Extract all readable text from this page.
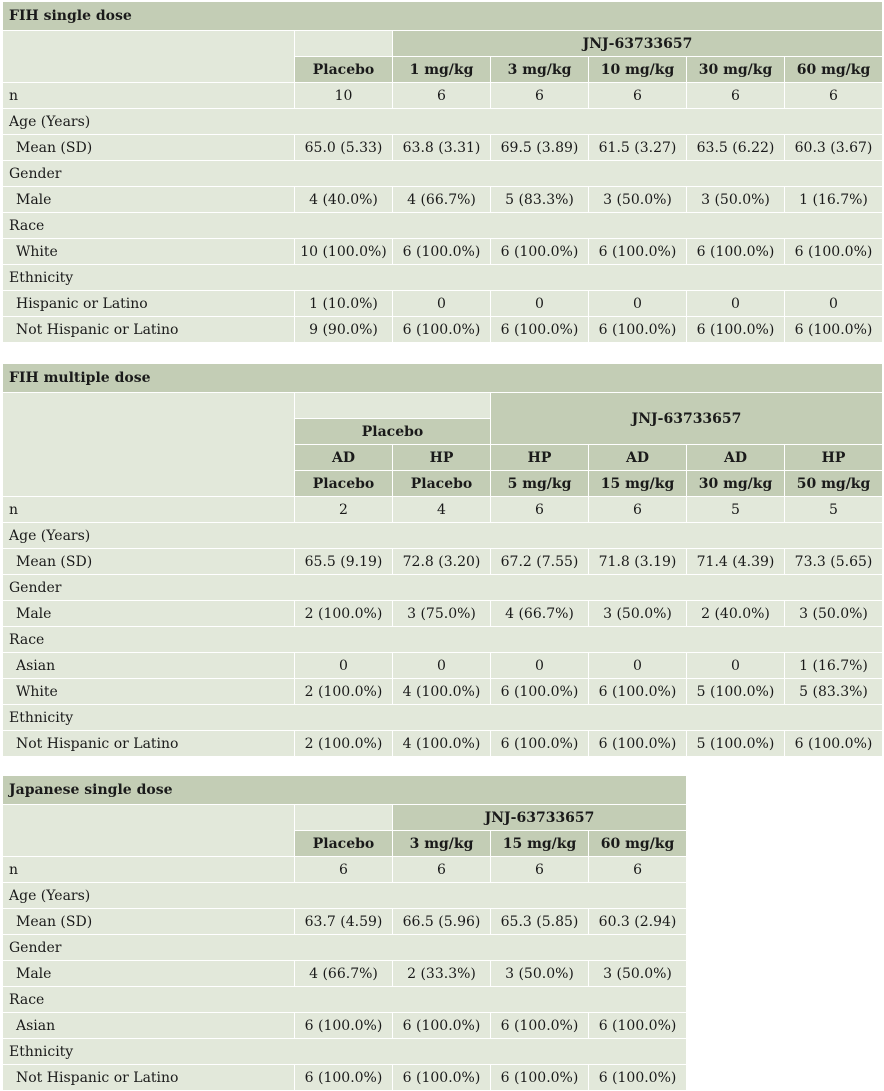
FIH single dose						
		JNJ-63733657				
	Placebo	1 mg/kg	3 mg/kg	10 mg/kg	30 mg/kg	60 mg/kg
n	10	6	6	6	6	6
Age (Years)						
Mean (SD)	65.0 (5.33)	63.8 (3.31)	69.5 (3.89)	61.5 (3.27)	63.5 (6.22)	60.3 (3.67)
Gender						
Male	4 (40.0%)	4 (66.7%)	5 (83.3%)	3 (50.0%)	3 (50.0%)	1 (16.7%)
Race						
White	10 (100.0%)	6 (100.0%)	6 (100.0%)	6 (100.0%)	6 (100.0%)	6 (100.0%)
Ethnicity						
Hispanic or Latino	1 (10.0%)	0	0	0	0	0
Not Hispanic or Latino	9 (90.0%)	6 (100.0%)	6 (100.0%)	6 (100.0%)	6 (100.0%)	6 (100.0%)
FIH multiple dose						
			JNJ-63733657			
	Placebo					
	AD	HP	HP	AD	AD	HP
	Placebo	Placebo	5 mg/kg	15 mg/kg	30 mg/kg	50 mg/kg
n	2	4	6	6	5	5
Age (Years)						
Mean (SD)	65.5 (9.19)	72.8 (3.20)	67.2 (7.55)	71.8 (3.19)	71.4 (4.39)	73.3 (5.65)
Gender						
Male	2 (100.0%)	3 (75.0%)	4 (66.7%)	3 (50.0%)	2 (40.0%)	3 (50.0%)
Race						
Asian	0	0	0	0	0	1 (16.7%)
White	2 (100.0%)	4 (100.0%)	6 (100.0%)	6 (100.0%)	5 (100.0%)	5 (83.3%)
Ethnicity						
Not Hispanic or Latino	2 (100.0%)	4 (100.0%)	6 (100.0%)	6 (100.0%)	5 (100.0%)	6 (100.0%)
Japanese single dose				
		JNJ-63733657		
	Placebo	3 mg/kg	15 mg/kg	60 mg/kg
n	6	6	6	6
Age (Years)				
Mean (SD)	63.7 (4.59)	66.5 (5.96)	65.3 (5.85)	60.3 (2.94)
Gender				
Male	4 (66.7%)	2 (33.3%)	3 (50.0%)	3 (50.0%)
Race				
Asian	6 (100.0%)	6 (100.0%)	6 (100.0%)	6 (100.0%)
Ethnicity				
Not Hispanic or Latino	6 (100.0%)	6 (100.0%)	6 (100.0%)	6 (100.0%)
